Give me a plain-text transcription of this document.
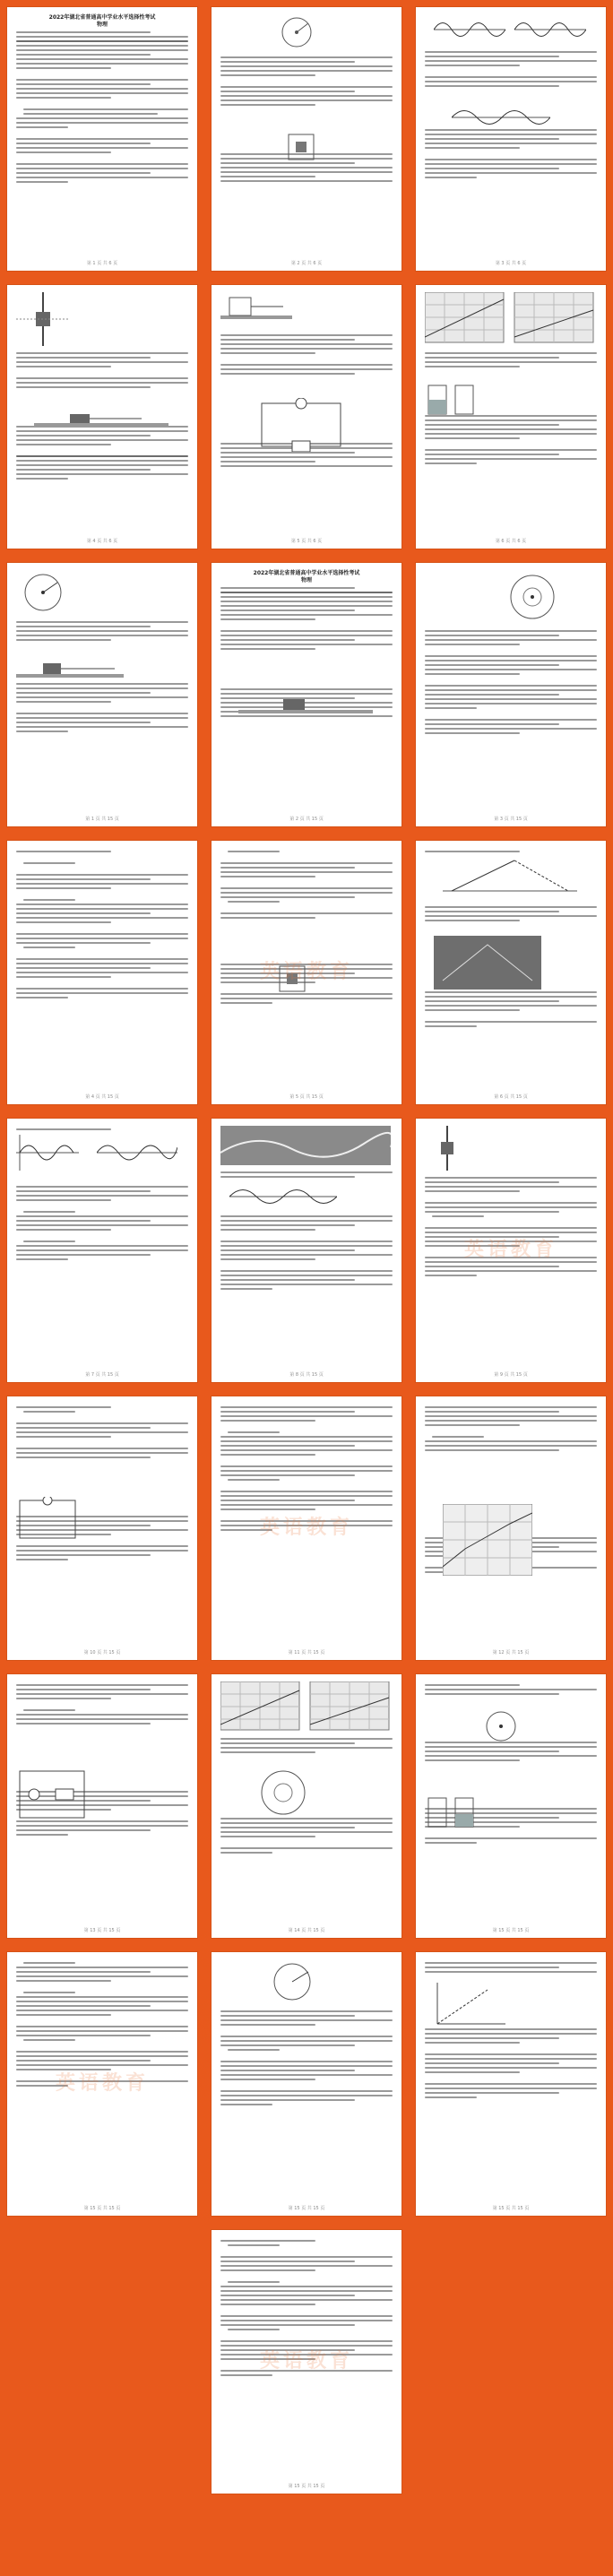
2022年湖北省普通高中学业水平选择性考试
物理
第 1 页 共 6 页	第 2 页 共 6 页	第 3 页 共 6 页
第 4 页 共 6 页	第 5 页 共 6 页	第 6 页 共 6 页
第 1 页 共 15 页
2022年湖北省普通高中学业水平选择性考试
物理
第 2 页 共 15 页	第 3 页 共 15 页
第 4 页 共 15 页
英语教育
第 5 页 共 15 页	第 6 页 共 15 页
第 7 页 共 15 页	第 8 页 共 15 页
英语教育
第 9 页 共 15 页
第 10 页 共 15 页
英语教育
第 11 页 共 15 页	第 12 页 共 15 页
第 13 页 共 15 页	第 14 页 共 15 页	第 15 页 共 15 页
英语教育
第 15 页 共 15 页	第 15 页 共 15 页	第 15 页 共 15 页
英语教育
第 15 页 共 15 页
